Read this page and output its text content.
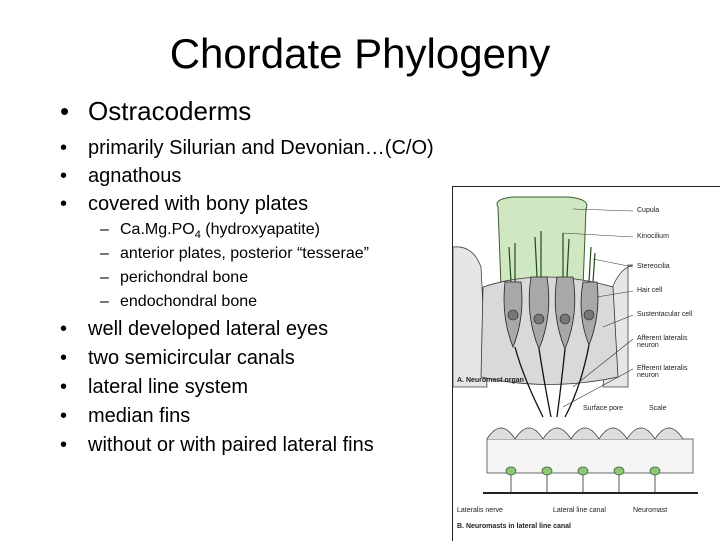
Chordate Phylogeny
• Ostracoderms
• primarily Silurian and Devonian…(C/O)
• agnathous
• covered with bony plates
– $Ca.Mg.PO_4$ (hydroxyapatite)
– anterior plates, posterior “tesserae”
– perichondral bone
– endochondral bone
• well developed lateral eyes
• two semicircular canals
• lateral line system
• median fins
• without or with paired lateral fins
Cupula
Kinocilium
Stereocilia
Hair cell
Sustentacular cell
Afferent lateralis neuron
Efferent lateralis neuron
A. Neuromast organ
Surface pore	Scale
Lateralis nerve	Lateral line canal	Neuromast
B. Neuromasts in lateral line canal
